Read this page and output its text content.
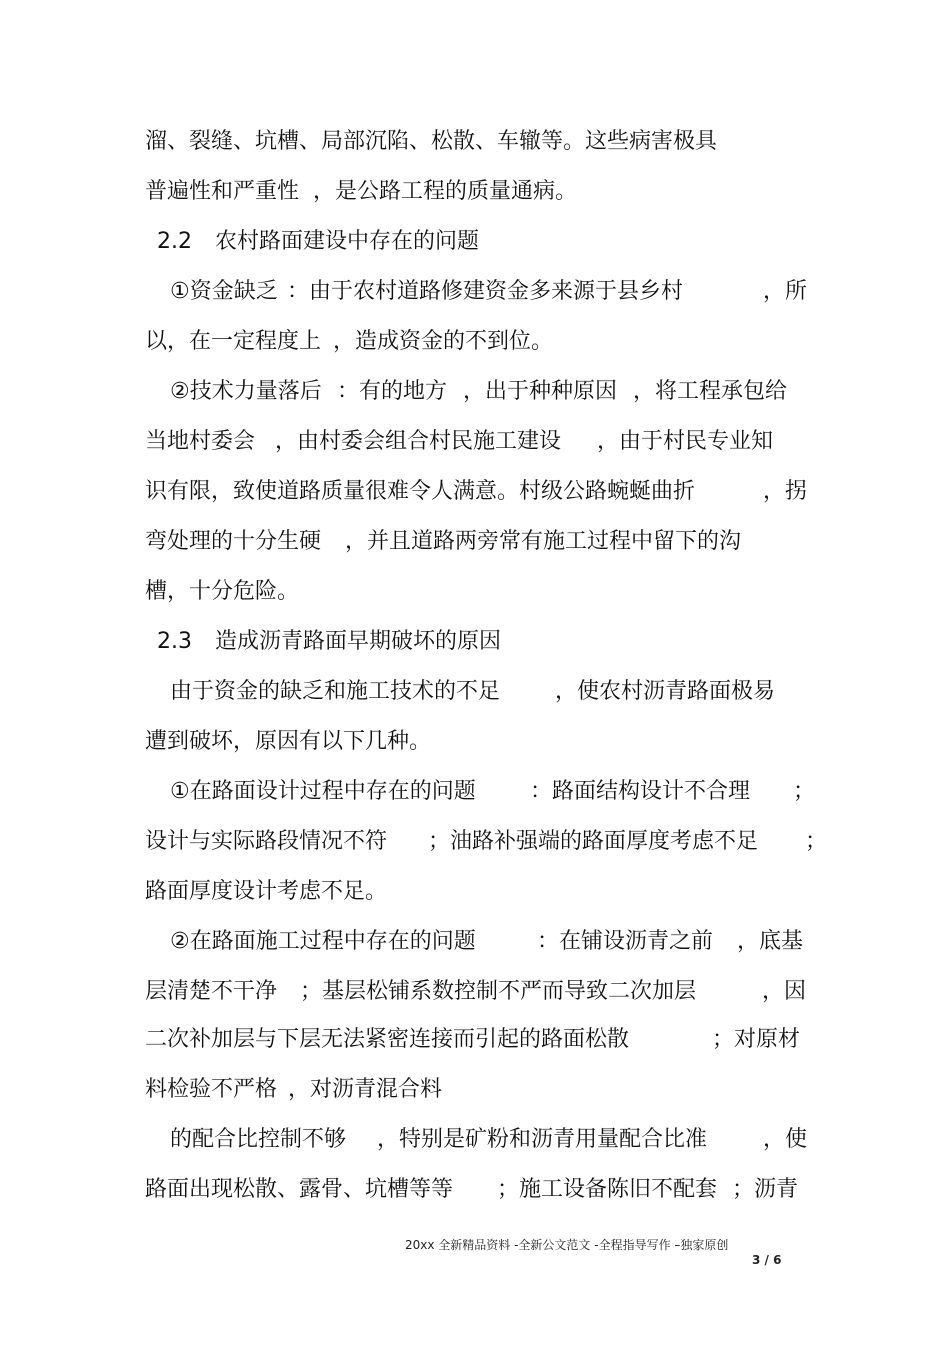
溜、裂缝、坑槽、局部沉陷、松散、车辙等。这些病害极具
普遍性和严重性 ，是公路工程的质量通病。
2.2 农村路面建设中存在的问题
①资金缺乏 ：由于农村道路修建资金多来源于县乡村	，所
以，在一定程度上 ，造成资金的不到位。
②技术力量落后 ：有的地方 ，出于种种原因 ，将工程承包给
当地村委会 ，由村委会组合村民施工建设 ，由于村民专业知
识有限，致使道路质量很难令人满意。村级公路蜿蜒曲折	，拐
弯处理的十分生硬 ，并且道路两旁常有施工过程中留下的沟
槽，十分危险。
2.3 造成沥青路面早期破坏的原因
由于资金的缺乏和施工技术的不足 ，使农村沥青路面极易
遭到破坏，原因有以下几种。
①在路面设计过程中存在的问题 ：路面结构设计不合理 ；
设计与实际路段情况不符 ；油路补强端的路面厚度考虑不足 ；
路面厚度设计考虑不足。
②在路面施工过程中存在的问题	：在铺设沥青之前 ，底基
层清楚不干净 ；基层松铺系数控制不严而导致二次加层	，因
二次补加层与下层无法紧密连接而引起的路面松散	；对原材
料检验不严格 ，对沥青混合料
的配合比控制不够 ，特别是矿粉和沥青用量配合比准	，使
路面出现松散、露骨、坑槽等等 ；施工设备陈旧不配套 ；沥青
20xx 全新精品资料 -全新公文范文 -全程指导写作 –独家原创
3 / 6
